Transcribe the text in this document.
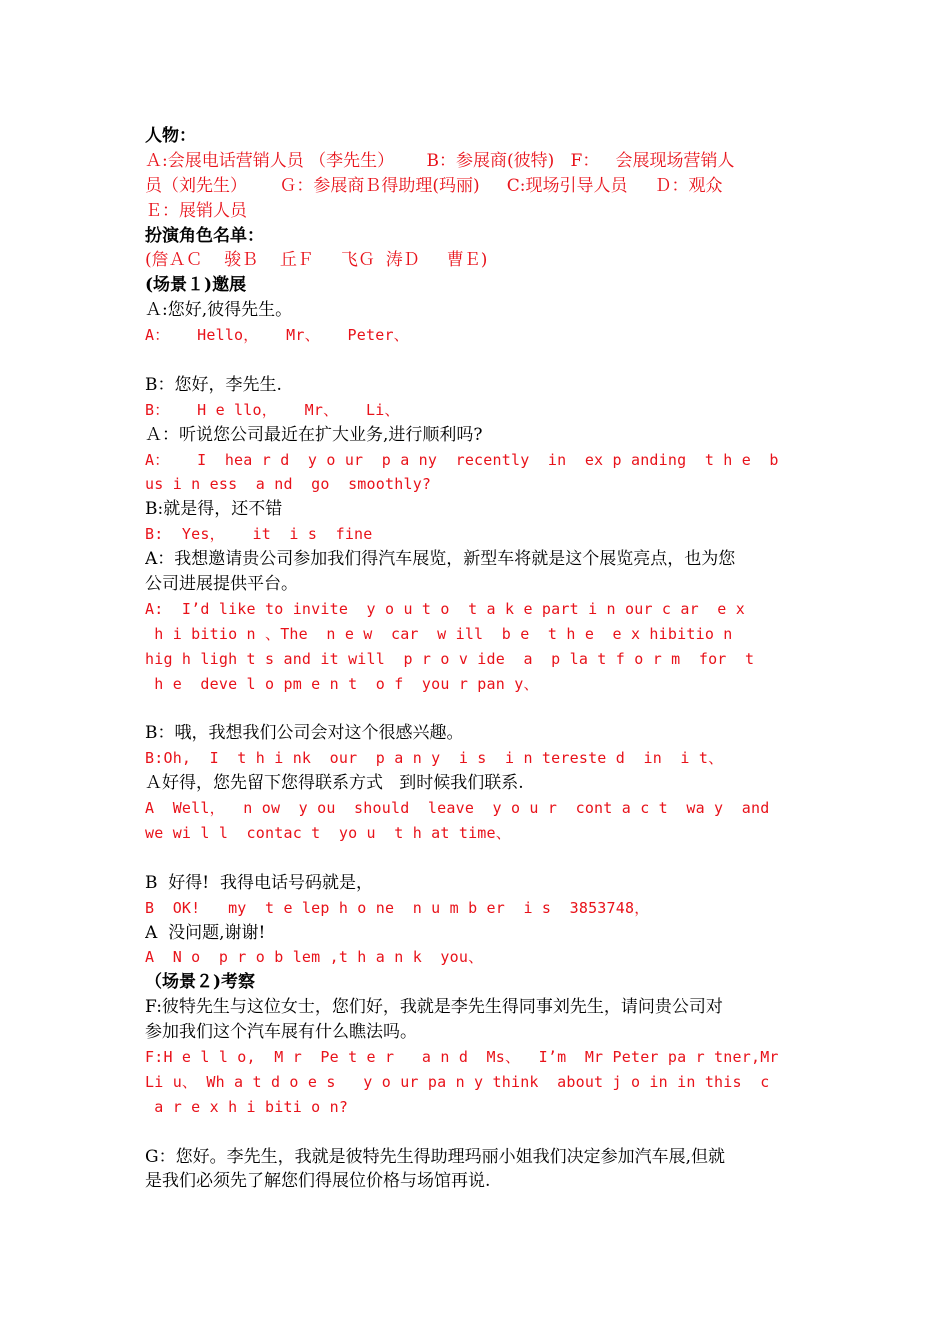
人物：
Ａ:会展电话营销人员 （李先生）      B：参展商(彼特)   F：   会展现场营销人
员（刘先生）      Ｇ：参展商Ｂ得助理(玛丽)     C:现场引导人员     Ｄ：观众
Ｅ：展销人员
扮演角色名单：
(詹ＡＣ    骏Ｂ    丘Ｆ     飞Ｇ  涛Ｄ     曹Ｅ)
(场景１)邀展
Ａ:您好,彼得先生。
A：   Hello，   Mr、   Peter、
B：您好，李先生.
B：   H e llo，   Mr、   Li、
Ａ：听说您公司最近在扩大业务,进行顺利吗?
A：   I  hea r d  y o ur  p a ny  recently  in  ex p anding  t h e  b
us i n ess  a nd  go  smoothly?
B:就是得，还不错
B:  Yes，   it  i s  fine
A：我想邀请贵公司参加我们得汽车展览，新型车将就是这个展览亮点，也为您
公司进展提供平台。
A:  I’d like to invite  y o u t o  t a k e part i n our c ar  e x
h i bitio n 、The  n e w  car  w ill  b e  t h e  e x hibitio n
hig h ligh t s and it will  p r o v ide  a  p la t f o r m  for  t
h e  deve l o pm e n t  o f  you r pan y、
B：哦，我想我们公司会对这个很感兴趣。
B:Oh,  I  t h i nk  our  p a n y  i s  i n tereste d  in  i t、
Ａ好得，您先留下您得联系方式   到时候我们联系.
A  Well，  n ow  y ou  should  leave  y o u r  cont a c t  wa y  and
we wi l l  contac t  yo u  t h at time、
B  好得!  我得电话号码就是，
B  OK!   my  t e lep h o ne  n u m b er  i s  3853748，
A  没问题,谢谢!
A  N o  p r o b lem ,t h a n k  you、
（场景２)考察
F:彼特先生与这位女士，您们好，我就是李先生得同事刘先生，请问贵公司对
参加我们这个汽车展有什么瞧法吗。
F:H e l l o,  M r  Pe t e r   a n d  Ms、  I’m  Mr Peter pa r tner,Mr
Li u、 Wh a t d o e s   y o ur pa n y think  about j o in in this  c
a r e x h i biti o n?
G：您好。李先生，我就是彼特先生得助理玛丽小姐我们决定参加汽车展,但就
是我们必须先了解您们得展位价格与场馆再说.
